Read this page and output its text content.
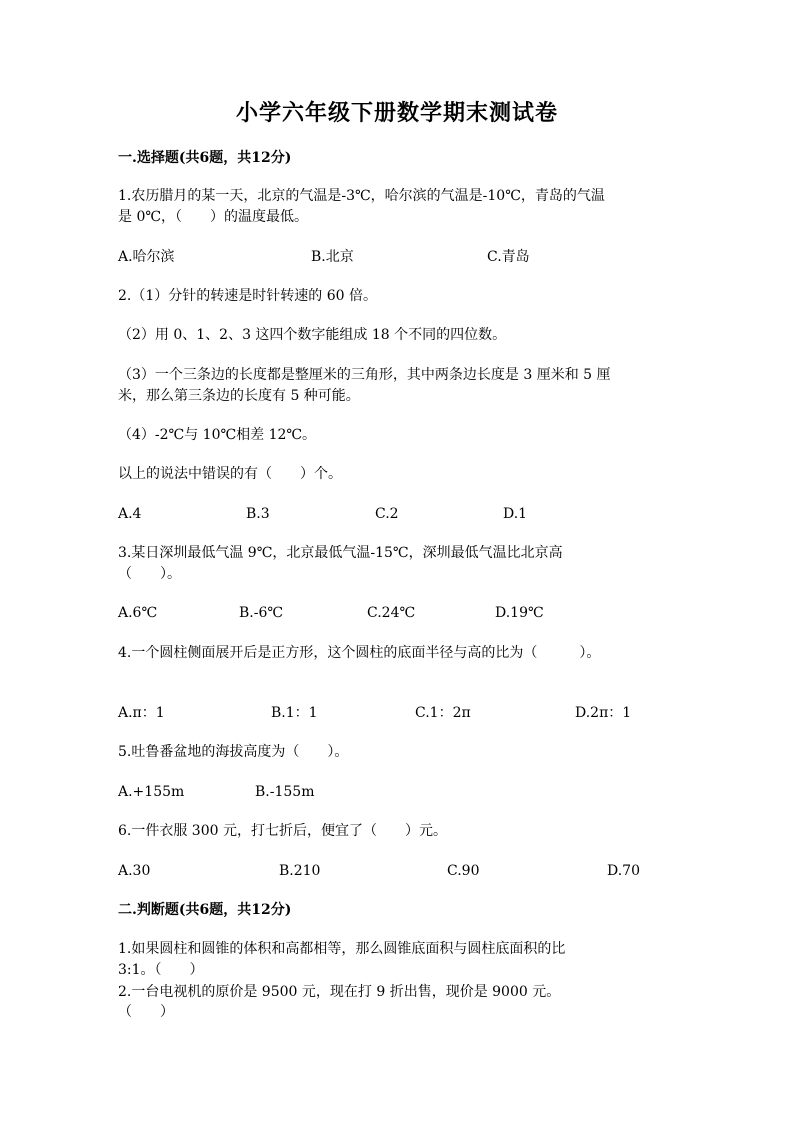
小学六年级下册数学期末测试卷
一.选择题(共6题，共12分)
1.农历腊月的某一天，北京的气温是-3℃，哈尔滨的气温是-10℃，青岛的气温
是 0℃，（　　）的温度最低。
A.哈尔滨	B.北京	C.青岛
2.（1）分针的转速是时针转速的 60 倍。
（2）用 0、1、2、3 这四个数字能组成 18 个不同的四位数。
（3）一个三条边的长度都是整厘米的三角形，其中两条边长度是 3 厘米和 5 厘
米，那么第三条边的长度有 5 种可能。
（4）-2℃与 10℃相差 12℃。
以上的说法中错误的有（　　）个。
A.4	B.3	C.2	D.1
3.某日深圳最低气温 9℃，北京最低气温-15℃，深圳最低气温比北京高
（　　）。
A.6℃	B.-6℃	C.24℃	D.19℃
4.一个圆柱侧面展开后是正方形，这个圆柱的底面半径与高的比为（　　　）。
A.π：1	B.1：1	C.1：2π	D.2π：1
5.吐鲁番盆地的海拔高度为（　　）。
A.+155m	B.-155m
6.一件衣服 300 元，打七折后，便宜了（　　）元。
A.30	B.210	C.90	D.70
二.判断题(共6题，共12分)
1.如果圆柱和圆锥的体积和高都相等，那么圆锥底面积与圆柱底面积的比
3:1。（　　）
2.一台电视机的原价是 9500 元，现在打 9 折出售，现价是 9000 元。
（　　）
